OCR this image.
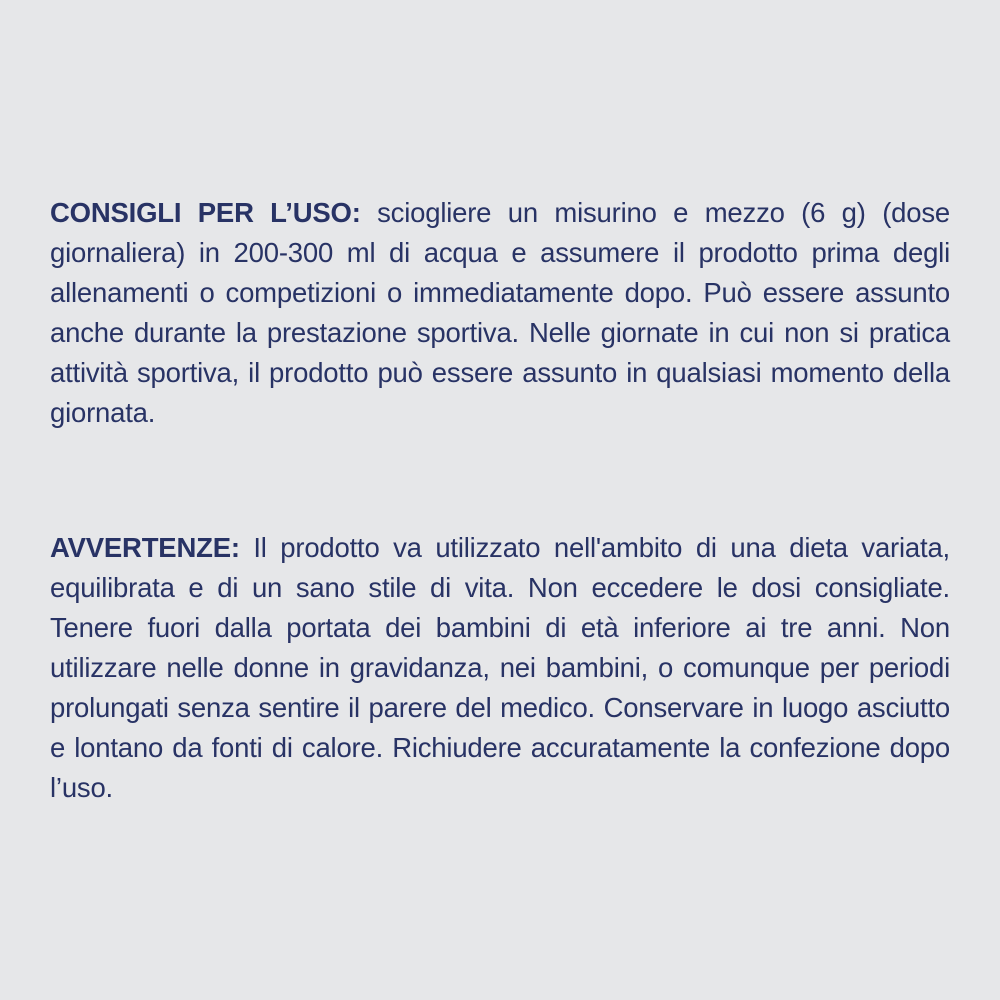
CONSIGLI PER L’USO: sciogliere un misurino e mezzo (6 g) (dose giornaliera) in 200-300 ml di acqua e assumere il prodotto prima degli allenamenti o competizioni o immediatamente dopo. Può essere assunto anche durante la prestazione sportiva. Nelle giornate in cui non si pratica attività sportiva, il prodotto può essere assunto in qualsiasi momento della giornata.

AVVERTENZE: Il prodotto va utilizzato nell'ambito di una dieta variata, equilibrata e di un sano stile di vita. Non eccedere le dosi consigliate. Tenere fuori dalla portata dei bambini di età inferiore ai tre anni. Non utilizzare nelle donne in gravidanza, nei bambini, o comunque per periodi prolungati senza sentire il parere del medico. Conservare in luogo asciutto e lontano da fonti di calore. Richiudere accuratamente la confezione dopo l’uso.
